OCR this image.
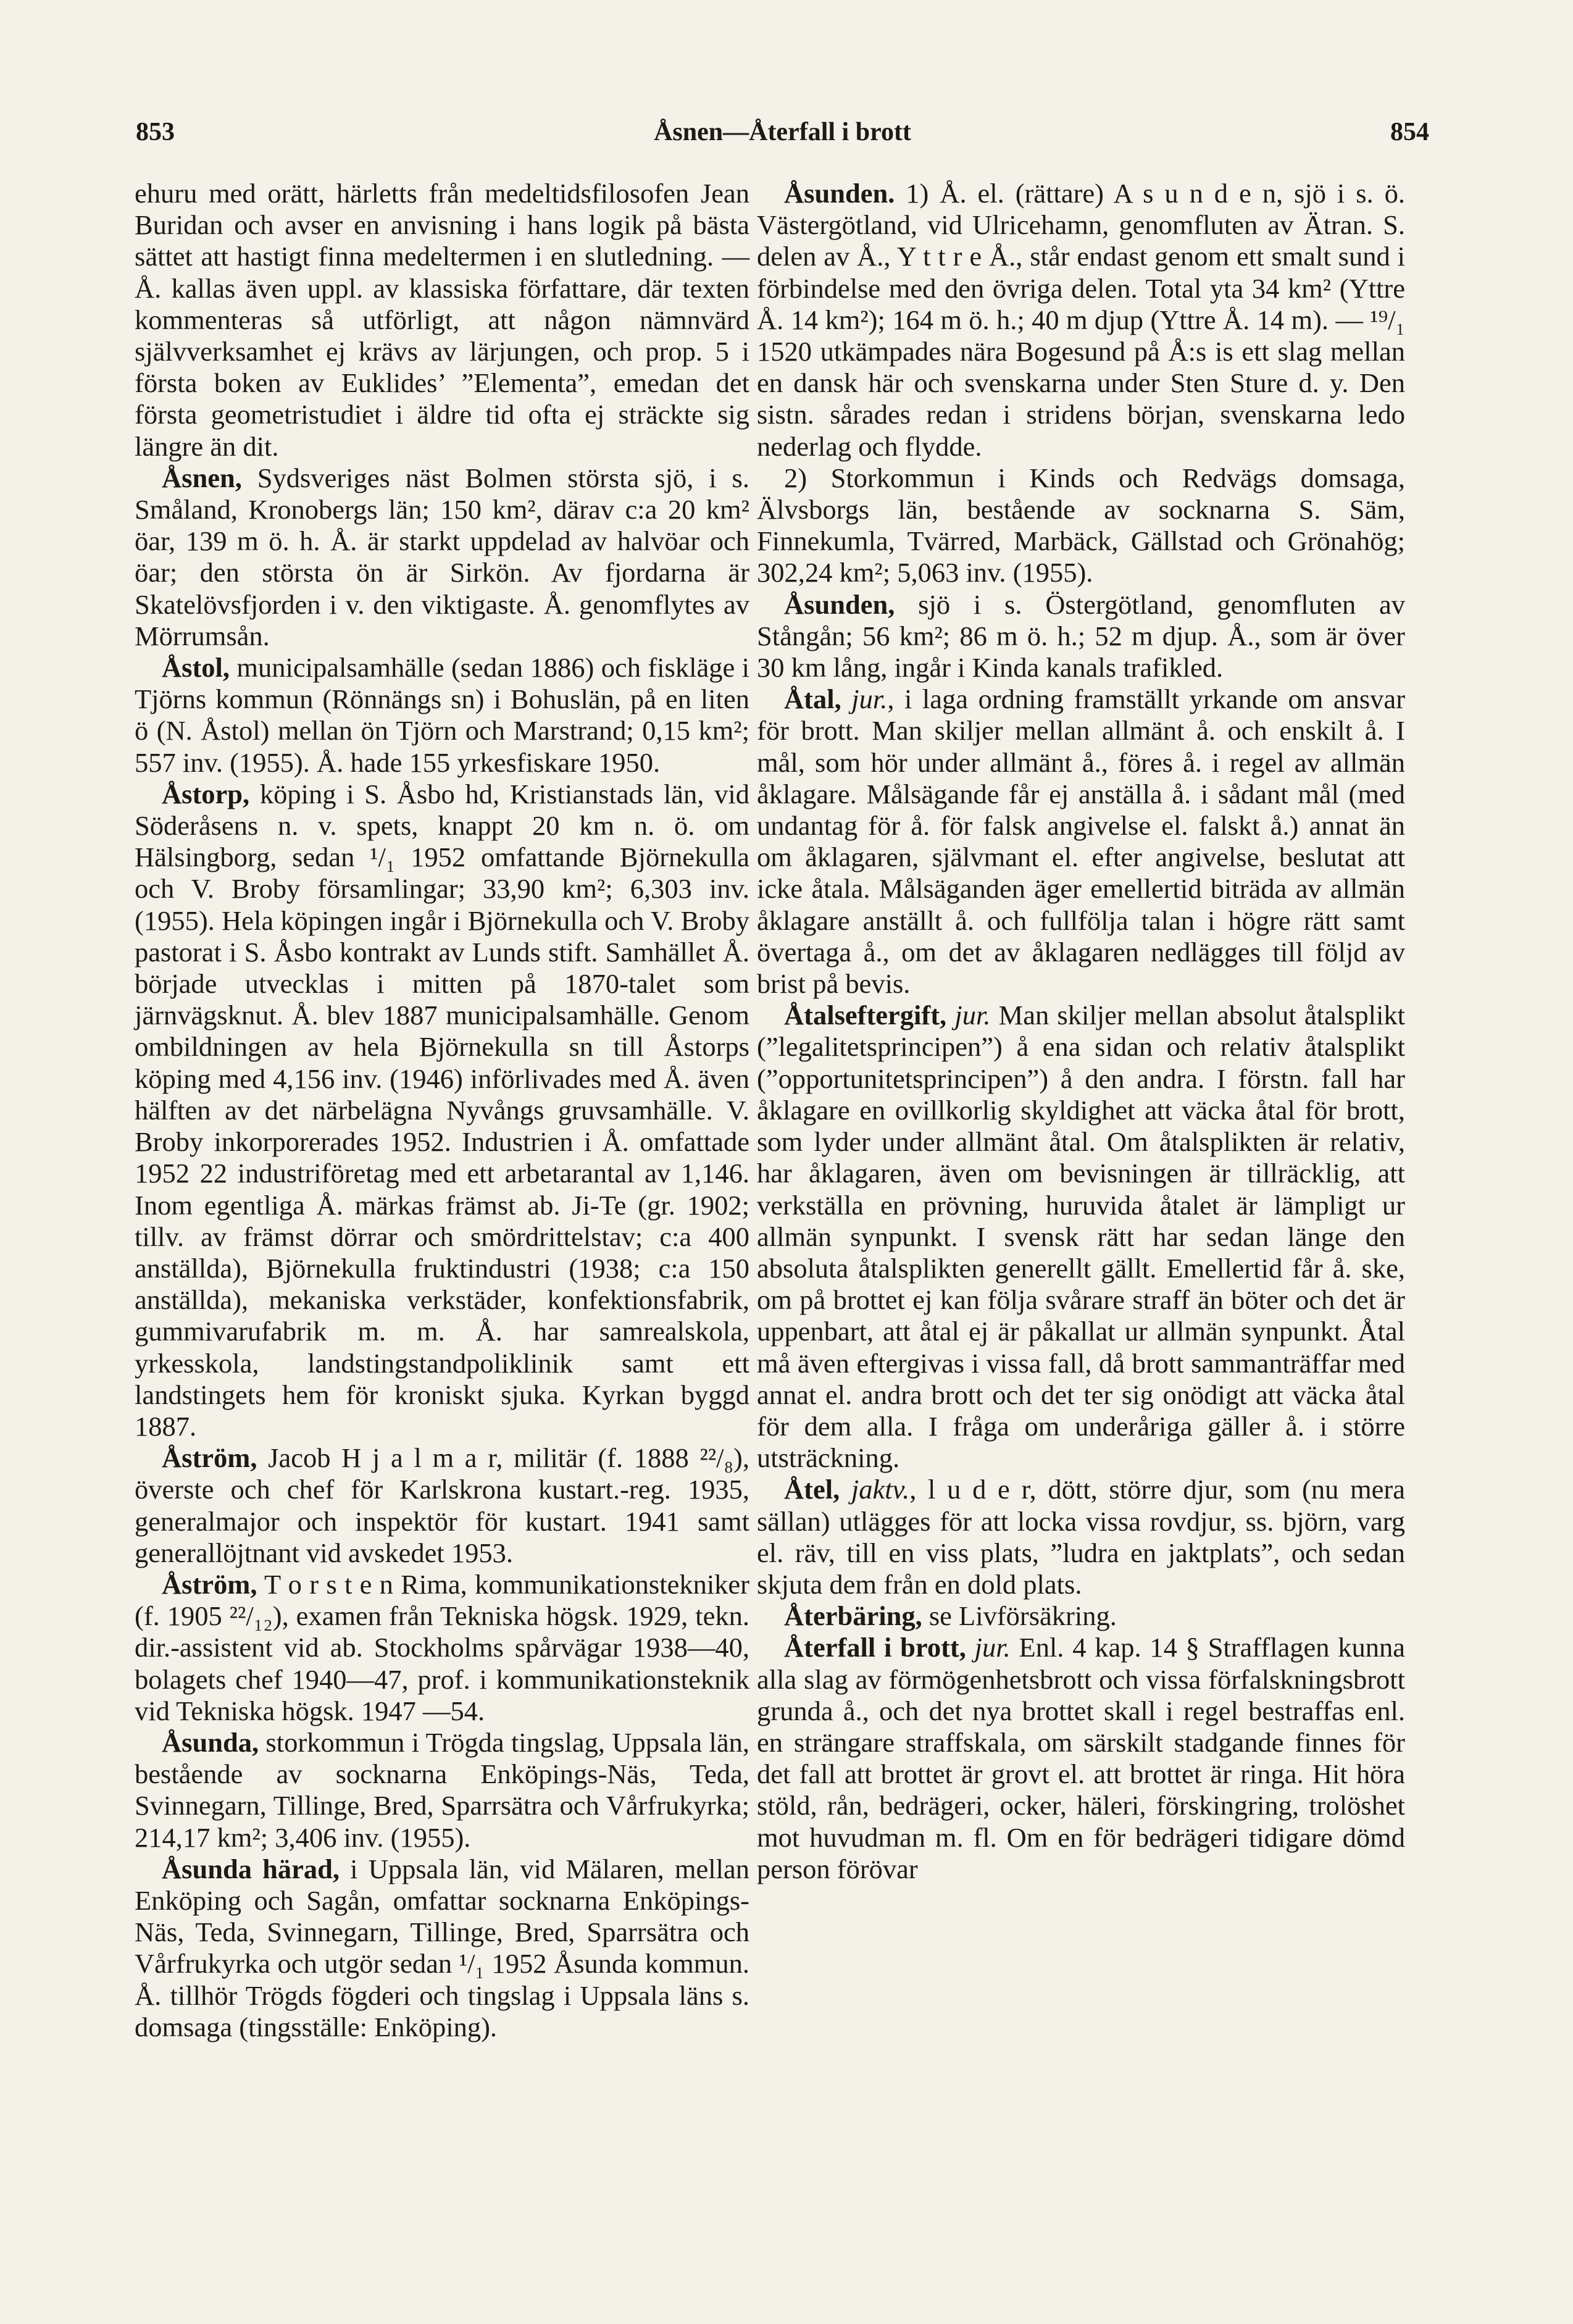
853	Åsnen—Återfall i brott	854

ehuru med orätt, härletts från medeltidsfilosofen Jean Buridan och avser en anvisning i hans logik på bästa sättet att hastigt finna medeltermen i en slutledning. — Å. kallas även uppl. av klassiska författare, där texten kommenteras så utförligt, att någon nämnvärd självverksamhet ej krävs av lärjungen, och prop. 5 i första boken av Euklides’ ”Elementa”, emedan det första geometristudiet i äldre tid ofta ej sträckte sig längre än dit.

Åsnen, Sydsveriges näst Bolmen största sjö, i s. Småland, Kronobergs län; 150 km², därav c:a 20 km² öar, 139 m ö. h. Å. är starkt uppdelad av halvöar och öar; den största ön är Sirkön. Av fjordarna är Skatelövsfjorden i v. den viktigaste. Å. genomflytes av Mörrumsån.

Åstol, municipalsamhälle (sedan 1886) och fiskläge i Tjörns kommun (Rönnängs sn) i Bohuslän, på en liten ö (N. Åstol) mellan ön Tjörn och Marstrand; 0,15 km²; 557 inv. (1955). Å. hade 155 yrkesfiskare 1950.

Åstorp, köping i S. Åsbo hd, Kristianstads län, vid Söderåsens n. v. spets, knappt 20 km n. ö. om Hälsingborg, sedan ¹/₁ 1952 omfattande Björnekulla och V. Broby församlingar; 33,90 km²; 6,303 inv. (1955). Hela köpingen ingår i Björnekulla och V. Broby pastorat i S. Åsbo kontrakt av Lunds stift. Samhället Å. började utvecklas i mitten på 1870-talet som järnvägsknut. Å. blev 1887 municipalsamhälle. Genom ombildningen av hela Björnekulla sn till Åstorps köping med 4,156 inv. (1946) införlivades med Å. även hälften av det närbelägna Nyvångs gruvsamhälle. V. Broby inkorporerades 1952. Industrien i Å. omfattade 1952 22 industriföretag med ett arbetarantal av 1,146. Inom egentliga Å. märkas främst ab. Ji-Te (gr. 1902; tillv. av främst dörrar och smördrittelstav; c:a 400 anställda), Björnekulla fruktindustri (1938; c:a 150 anställda), mekaniska verkstäder, konfektionsfabrik, gummivarufabrik m. m. Å. har samrealskola, yrkesskola, landstingstandpoliklinik samt ett landstingets hem för kroniskt sjuka. Kyrkan byggd 1887.

Åström, Jacob H j a l m a r, militär (f. 1888 ²²/₈), överste och chef för Karlskrona kustart.-reg. 1935, generalmajor och inspektör för kustart. 1941 samt generallöjtnant vid avskedet 1953.

Åström, T o r s t e n Rima, kommunikationstekniker (f. 1905 ²²/₁₂), examen från Tekniska högsk. 1929, tekn. dir.-assistent vid ab. Stockholms spårvägar 1938—40, bolagets chef 1940—47, prof. i kommunikationsteknik vid Tekniska högsk. 1947 —54.

Åsunda, storkommun i Trögda tingslag, Uppsala län, bestående av socknarna Enköpings-Näs, Teda, Svinnegarn, Tillinge, Bred, Sparrsätra och Vårfrukyrka; 214,17 km²; 3,406 inv. (1955).

Åsunda härad, i Uppsala län, vid Mälaren, mellan Enköping och Sagån, omfattar socknarna Enköpings-Näs, Teda, Svinnegarn, Tillinge, Bred, Sparrsätra och Vårfrukyrka och utgör sedan ¹/₁ 1952 Åsunda kommun. Å. tillhör Trögds fögderi och tingslag i Uppsala läns s. domsaga (tingsställe: Enköping).

Åsunden. 1) Å. el. (rättare) A s u n d e n, sjö i s. ö. Västergötland, vid Ulricehamn, genomfluten av Ätran. S. delen av Å., Y t t r e Å., står endast genom ett smalt sund i förbindelse med den övriga delen. Total yta 34 km² (Yttre Å. 14 km²); 164 m ö. h.; 40 m djup (Yttre Å. 14 m). — ¹⁹/₁ 1520 utkämpades nära Bogesund på Å:s is ett slag mellan en dansk här och svenskarna under Sten Sture d. y. Den sistn. sårades redan i stridens början, svenskarna ledo nederlag och flydde.

2) Storkommun i Kinds och Redvägs domsaga, Älvsborgs län, bestående av socknarna S. Säm, Finnekumla, Tvärred, Marbäck, Gällstad och Grönahög; 302,24 km²; 5,063 inv. (1955).

Åsunden, sjö i s. Östergötland, genomfluten av Stångån; 56 km²; 86 m ö. h.; 52 m djup. Å., som är över 30 km lång, ingår i Kinda kanals trafikled.

Åtal, jur., i laga ordning framställt yrkande om ansvar för brott. Man skiljer mellan allmänt å. och enskilt å. I mål, som hör under allmänt å., föres å. i regel av allmän åklagare. Målsägande får ej anställa å. i sådant mål (med undantag för å. för falsk angivelse el. falskt å.) annat än om åklagaren, självmant el. efter angivelse, beslutat att icke åtala. Målsäganden äger emellertid biträda av allmän åklagare anställt å. och fullfölja talan i högre rätt samt övertaga å., om det av åklagaren nedlägges till följd av brist på bevis.

Åtalseftergift, jur. Man skiljer mellan absolut åtalsplikt (”legalitetsprincipen”) å ena sidan och relativ åtalsplikt (”opportunitetsprincipen”) å den andra. I förstn. fall har åklagare en ovillkorlig skyldighet att väcka åtal för brott, som lyder under allmänt åtal. Om åtalsplikten är relativ, har åklagaren, även om bevisningen är tillräcklig, att verkställa en prövning, huruvida åtalet är lämpligt ur allmän synpunkt. I svensk rätt har sedan länge den absoluta åtalsplikten generellt gällt. Emellertid får å. ske, om på brottet ej kan följa svårare straff än böter och det är uppenbart, att åtal ej är påkallat ur allmän synpunkt. Åtal må även eftergivas i vissa fall, då brott sammanträffar med annat el. andra brott och det ter sig onödigt att väcka åtal för dem alla. I fråga om underåriga gäller å. i större utsträckning.

Åtel, jaktv., l u d e r, dött, större djur, som (nu mera sällan) utlägges för att locka vissa rovdjur, ss. björn, varg el. räv, till en viss plats, ”ludra en jaktplats”, och sedan skjuta dem från en dold plats.

Återbäring, se Livförsäkring.

Återfall i brott, jur. Enl. 4 kap. 14 § Strafflagen kunna alla slag av förmögenhetsbrott och vissa förfalskningsbrott grunda å., och det nya brottet skall i regel bestraffas enl. en strängare straffskala, om särskilt stadgande finnes för det fall att brottet är grovt el. att brottet är ringa. Hit höra stöld, rån, bedrägeri, ocker, häleri, förskingring, trolöshet mot huvudman m. fl. Om en för bedrägeri tidigare dömd person förövar
